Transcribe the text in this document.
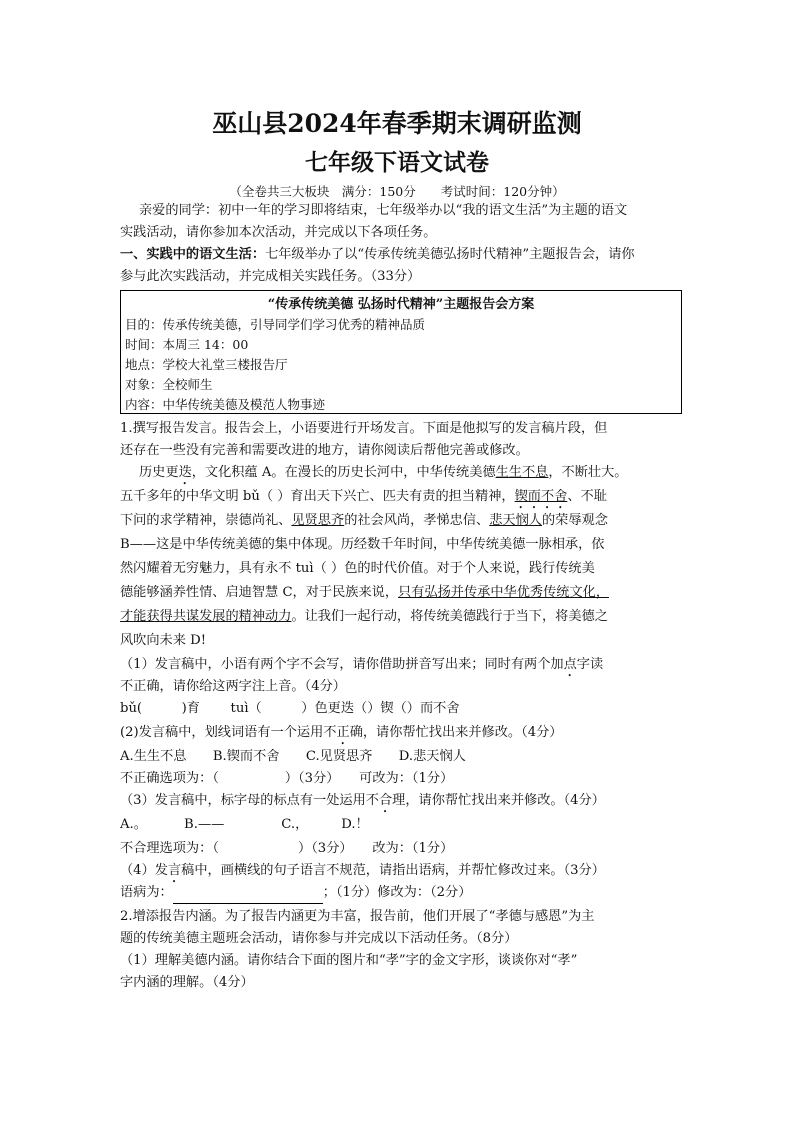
巫山县2024年春季期末调研监测
七年级下语文试卷
（全卷共三大板块　满分：150分　　考试时间：120分钟）
亲爱的同学：初中一年的学习即将结束，七年级举办以“我的语文生活”为主题的语文
实践活动，请你参加本次活动，并完成以下各项任务。
一、实践中的语文生活：七年级举办了以“传承传统美德弘扬时代精神”主题报告会，请你
参与此次实践活动，并完成相关实践任务。（33分）
“传承传统美德 弘扬时代精神”主题报告会方案
目的：传承传统美德，引导同学们学习优秀的精神品质
时间：本周三 14：00
地点：学校大礼堂三楼报告厅
对象：全校师生
内容：中华传统美德及模范人物事迹
1.撰写报告发言。报告会上，小语要进行开场发言。下面是他拟写的发言稿片段，但
还存在一些没有完善和需要改进的地方，请你阅读后帮他完善或修改。
历史更迭，文化积蕴 A。在漫长的历史长河中，中华传统美德生生不息，不断壮大。
五千多年的中华文明 bǔ（ ）育出天下兴亡、匹夫有责的担当精神，锲而不舍、不耻
下问的求学精神，崇德尚礼、见贤思齐的社会风尚，孝悌忠信、悲天悯人的荣辱观念
B——这是中华传统美德的集中体现。历经数千年时间，中华传统美德一脉相承，依
然闪耀着无穷魅力，具有永不 tuì（ ）色的时代价值。对于个人来说，践行传统美
德能够涵养性情、启迪智慧 C，对于民族来说，只有弘扬并传承中华优秀传统文化，
才能获得共谋发展的精神动力。让我们一起行动，将传统美德践行于当下，将美德之
风吹向未来 D!
（1）发言稿中，小语有两个字不会写，请你借助拼音写出来；同时有两个加点字读
不正确，请你给这两字注上音。（4分）
bǔ(　　　)育　　 tuì（　　　）色更迭（）锲（）而不舍
(2)发言稿中，划线词语有一个运用不正确，请你帮忙找出来并修改。（4分）
A.生生不息　　B.锲而不舍　　C.见贤思齐　　D.悲天悯人
不正确选项为：（　　　　　）（3分）　　可改为：（1分）
（3）发言稿中，标字母的标点有一处运用不合理，请你帮忙找出来并修改。（4分）
A.。　　　 B.——　　　　 C.，　　　D.！
不合理选项为：（　　　　　　）（3分）　　改为：（1分）
（4）发言稿中，画横线的句子语言不规范，请指出语病，并帮忙修改过来。（3分）
语病为：	；（1分）修改为：（2分）
2.增添报告内涵。为了报告内涵更为丰富，报告前，他们开展了“孝德与感恩”为主
题的传统美德主题班会活动，请你参与并完成以下活动任务。（8分）
（1）理解美德内涵。请你结合下面的图片和“孝”字的金文字形，谈谈你对“孝”
字内涵的理解。（4分）
